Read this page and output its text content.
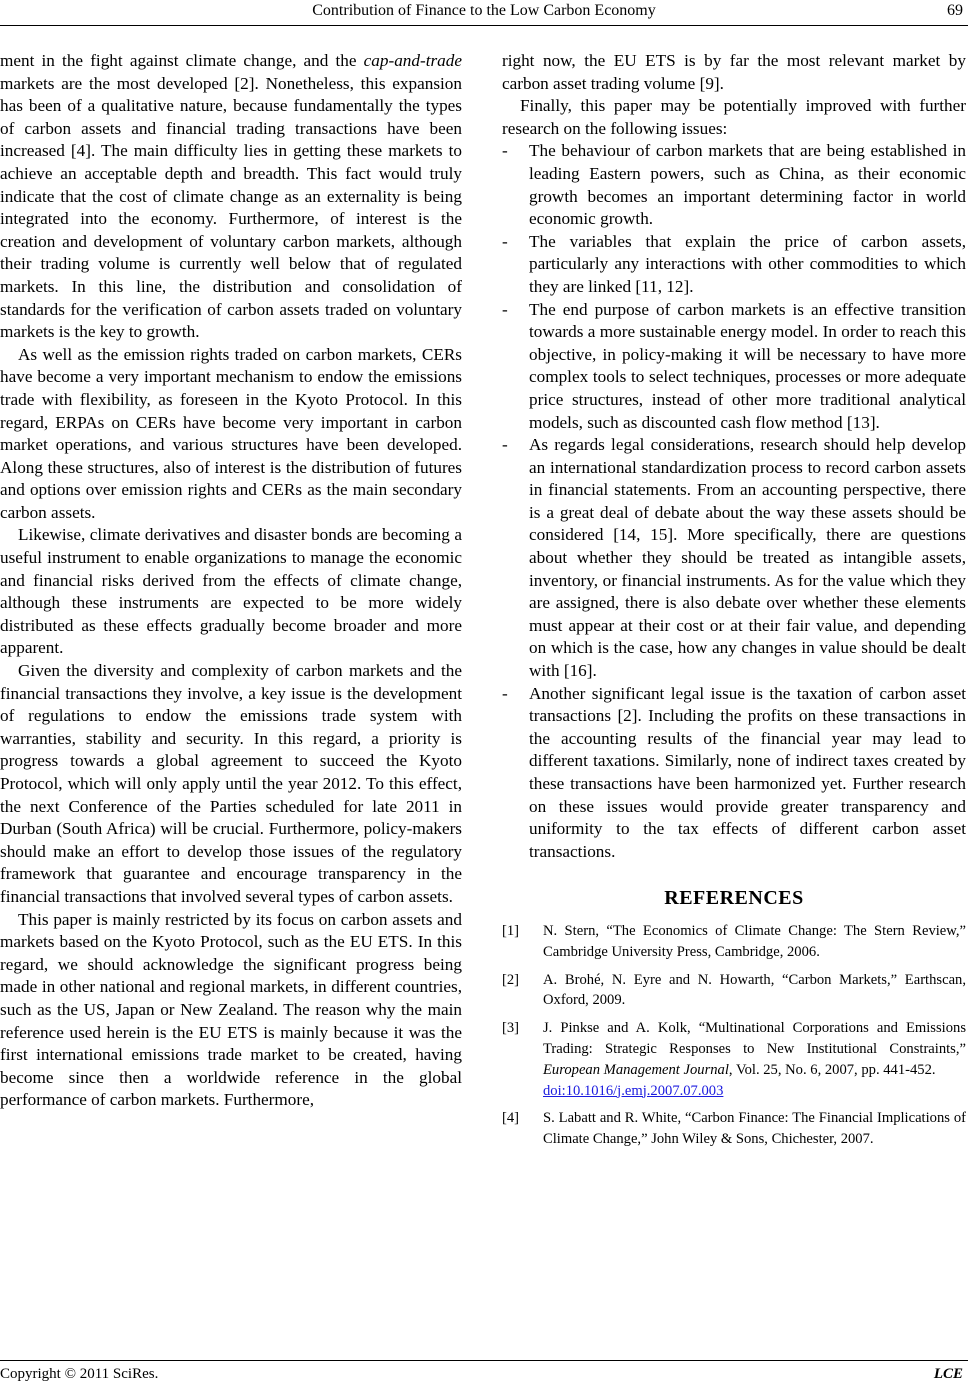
Contribution of Finance to the Low Carbon Economy	69

ment in the fight against climate change, and the cap-and-trade markets are the most developed [2]. Nonetheless, this expansion has been of a qualitative nature, because fundamentally the types of carbon assets and financial trading transactions have been increased [4]. The main difficulty lies in getting these markets to achieve an acceptable depth and breadth. This fact would truly indicate that the cost of climate change as an externality is being integrated into the economy. Furthermore, of interest is the creation and development of voluntary carbon markets, although their trading volume is currently well below that of regulated markets. In this line, the distribution and consolidation of standards for the verification of carbon assets traded on voluntary markets is the key to growth.

As well as the emission rights traded on carbon markets, CERs have become a very important mechanism to endow the emissions trade with flexibility, as foreseen in the Kyoto Protocol. In this regard, ERPAs on CERs have become very important in carbon market operations, and various structures have been developed. Along these structures, also of interest is the distribution of futures and options over emission rights and CERs as the main secondary carbon assets.

Likewise, climate derivatives and disaster bonds are becoming a useful instrument to enable organizations to manage the economic and financial risks derived from the effects of climate change, although these instruments are expected to be more widely distributed as these effects gradually become broader and more apparent.

Given the diversity and complexity of carbon markets and the financial transactions they involve, a key issue is the development of regulations to endow the emissions trade system with warranties, stability and security. In this regard, a priority is progress towards a global agreement to succeed the Kyoto Protocol, which will only apply until the year 2012. To this effect, the next Conference of the Parties scheduled for late 2011 in Durban (South Africa) will be crucial. Furthermore, policy-makers should make an effort to develop those issues of the regulatory framework that guarantee and encourage transparency in the financial transactions that involved several types of carbon assets.

This paper is mainly restricted by its focus on carbon assets and markets based on the Kyoto Protocol, such as the EU ETS. In this regard, we should acknowledge the significant progress being made in other national and regional markets, in different countries, such as the US, Japan or New Zealand. The reason why the main reference used herein is the EU ETS is mainly because it was the first international emissions trade market to be created, having become since then a worldwide reference in the global performance of carbon markets. Furthermore,

right now, the EU ETS is by far the most relevant market by carbon asset trading volume [9].

Finally, this paper may be potentially improved with further research on the following issues:

- The behaviour of carbon markets that are being established in leading Eastern powers, such as China, as their economic growth becomes an important determining factor in world economic growth.
- The variables that explain the price of carbon assets, particularly any interactions with other commodities to which they are linked [11, 12].
- The end purpose of carbon markets is an effective transition towards a more sustainable energy model. In order to reach this objective, in policy-making it will be necessary to have more complex tools to select techniques, processes or more adequate price structures, instead of other more traditional analytical models, such as discounted cash flow method [13].
- As regards legal considerations, research should help develop an international standardization process to record carbon assets in financial statements. From an accounting perspective, there is a great deal of debate about the way these assets should be considered [14, 15]. More specifically, there are questions about whether they should be treated as intangible assets, inventory, or financial instruments. As for the value which they are assigned, there is also debate over whether these elements must appear at their cost or at their fair value, and depending on which is the case, how any changes in value should be dealt with [16].
- Another significant legal issue is the taxation of carbon asset transactions [2]. Including the profits on these transactions in the accounting results of the financial year may lead to different taxations. Similarly, none of indirect taxes created by these transactions have been harmonized yet. Further research on these issues would provide greater transparency and uniformity to the tax effects of different carbon asset transactions.
REFERENCES
[1] N. Stern, “The Economics of Climate Change: The Stern Review,” Cambridge University Press, Cambridge, 2006.
[2] A. Brohé, N. Eyre and N. Howarth, “Carbon Markets,” Earthscan, Oxford, 2009.
[3] J. Pinkse and A. Kolk, “Multinational Corporations and Emissions Trading: Strategic Responses to New Institutional Constraints,” European Management Journal, Vol. 25, No. 6, 2007, pp. 441-452.
doi:10.1016/j.emj.2007.07.003
[4] S. Labatt and R. White, “Carbon Finance: The Financial Implications of Climate Change,” John Wiley & Sons, Chichester, 2007.
Copyright © 2011 SciRes.	LCE
